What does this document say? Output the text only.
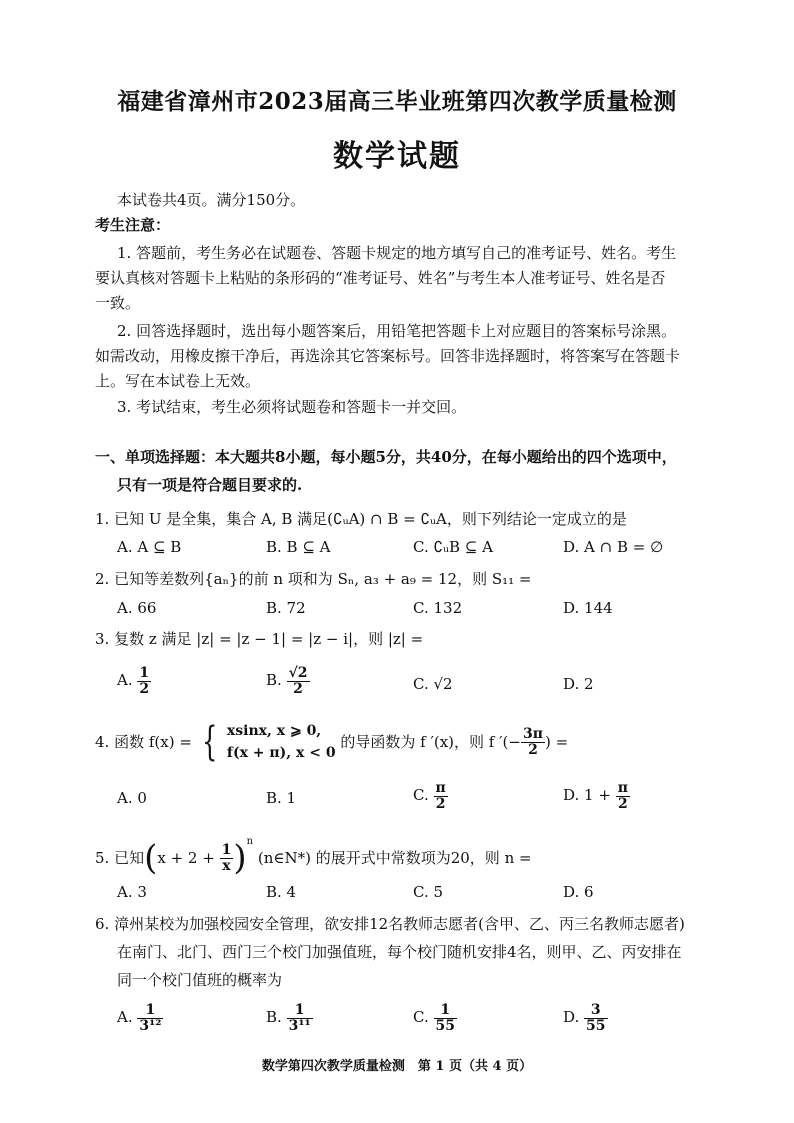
福建省漳州市2023届高三毕业班第四次教学质量检测
数学试题
本试卷共4页。满分150分。
考生注意：
1. 答题前，考生务必在试题卷、答题卡规定的地方填写自己的准考证号、姓名。考生
要认真核对答题卡上粘贴的条形码的“准考证号、姓名”与考生本人准考证号、姓名是否
一致。
2. 回答选择题时，选出每小题答案后，用铅笔把答题卡上对应题目的答案标号涂黑。
如需改动，用橡皮擦干净后，再选涂其它答案标号。回答非选择题时，将答案写在答题卡
上。写在本试卷上无效。
3. 考试结束，考生必须将试题卷和答题卡一并交回。
一、单项选择题：本大题共8小题，每小题5分，共40分，在每小题给出的四个选项中，
只有一项是符合题目要求的.
1. 已知 U 是全集，集合 A, B 满足(∁ᵤA) ∩ B = ∁ᵤA，则下列结论一定成立的是
A. A ⊆ B	B. B ⊆ A	C. ∁ᵤB ⊆ A	D. A ∩ B = ∅
2. 已知等差数列{aₙ}的前 n 项和为 Sₙ, a₃ + a₉ = 12，则 S₁₁ =
A. 66	B. 72	C. 132	D. 144
3. 复数 z 满足 |z| = |z − 1| = |z − i|，则 |z| =
A. $\frac{1}{2}$	B. $\frac{√2}{2}$	C. √2	D. 2
4. 函数 f(x) = { xsinx, x ⩾ 0,
f(x + π), x < 0
的导函数为 f ′(x)，则 f ′(− $\frac{3\pi}{2}$ ) =
A. 0	B. 1	C. $\frac{\pi}{2}$	D. $1 + \frac{\pi}{2}$
5. 已知$(x + 2 + \frac{1}{x} )^n$ (n∈N*) 的展开式中常数项为20，则 n =
A. 3	B. 4	C. 5	D. 6
6. 漳州某校为加强校园安全管理，欲安排12名教师志愿者(含甲、乙、丙三名教师志愿者)
在南门、北门、西门三个校门加强值班，每个校门随机安排4名，则甲、乙、丙安排在
同一个校门值班的概率为
A. $\frac{1}{\text{3¹²}}$	B. $\frac{1}{\text{3¹¹}}$	C. $\frac{1}{55}$	D. $\frac{3}{55}$
数学第四次教学质量检测　第 1 页（共 4 页）
